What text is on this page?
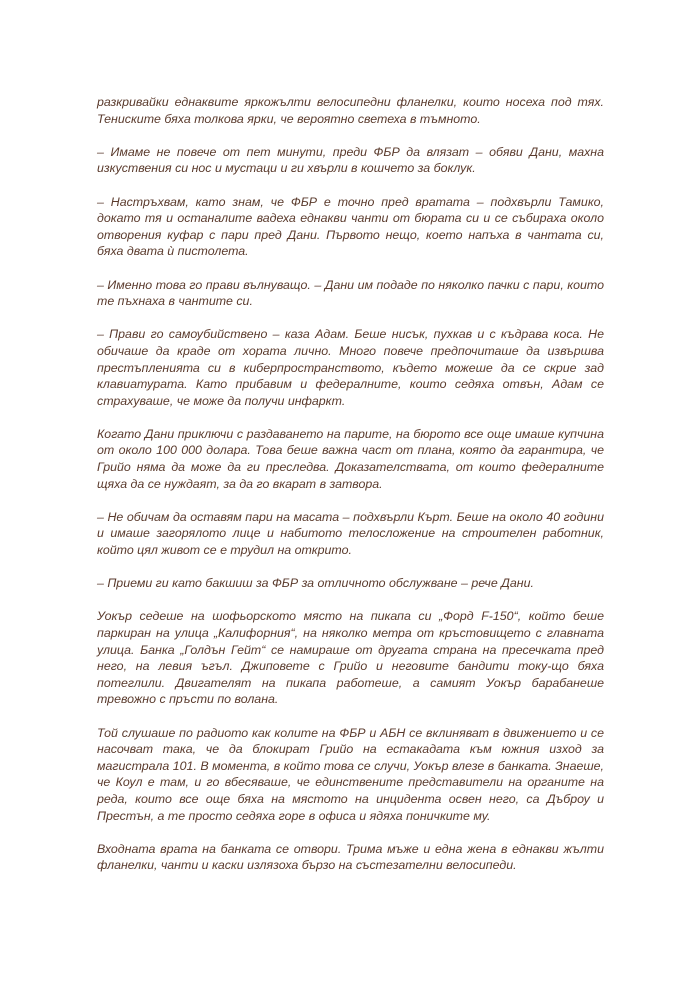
разкривайки еднаквите яркожълти велосипедни фланелки, които носеха под тях. Тениските бяха толкова ярки, че вероятно светеха в тъмното.

– Имаме не повече от пет минути, преди ФБР да влязат – обяви Дани, махна изкуствения си нос и мустаци и ги хвърли в кошчето за боклук.

– Настръхвам, като знам, че ФБР е точно пред вратата – подхвърли Тамико, докато тя и останалите вадеха еднакви чанти от бюрата си и се събираха около отворения куфар с пари пред Дани. Първото нещо, което напъха в чантата си, бяха двата ѝ пистолета.

– Именно това го прави вълнуващо. – Дани им подаде по няколко пачки с пари, които те пъхнаха в чантите си.

– Прави го самоубийствено – каза Адам. Беше нисък, пухкав и с къдрава коса. Не обичаше да краде от хората лично. Много повече предпочиташе да извършва престъпленията си в киберпространството, където можеше да се скрие зад клавиатурата. Като прибавим и федералните, които седяха отвън, Адам се страхуваше, че може да получи инфаркт.

Когато Дани приключи с раздаването на парите, на бюрото все още имаше купчина от около 100 000 долара. Това беше важна част от плана, която да гарантира, че Грийо няма да може да ги преследва. Доказателствата, от които федералните щяха да се нуждаят, за да го вкарат в затвора.

– Не обичам да оставям пари на масата – подхвърли Кърт. Беше на около 40 години и имаше загорялото лице и набитото телосложение на строителен работник, който цял живот се е трудил на открито.

– Приеми ги като бакшиш за ФБР за отличното обслужване – рече Дани.

Уокър седеше на шофьорското място на пикапа си „Форд F-150“, който беше паркиран на улица „Калифорния“, на няколко метра от кръстовището с главната улица. Банка „Голдън Гейт“ се намираше от другата страна на пресечката пред него, на левия ъгъл. Джиповете с Грийо и неговите бандити току-що бяха потеглили. Двигателят на пикапа работеше, а самият Уокър барабанеше тревожно с пръсти по волана.

Той слушаше по радиото как колите на ФБР и АБН се вклиняват в движението и се насочват така, че да блокират Грийо на естакадата към южния изход за магистрала 101. В момента, в който това се случи, Уокър влезе в банката. Знаеше, че Коул е там, и го вбесяваше, че единствените представители на органите на реда, които все още бяха на мястото на инцидента освен него, са Дъброу и Престън, а те просто седяха горе в офиса и ядяха поничките му.

Входната врата на банката се отвори. Трима мъже и една жена в еднакви жълти фланелки, чанти и каски излязоха бързо на състезателни велосипеди.
